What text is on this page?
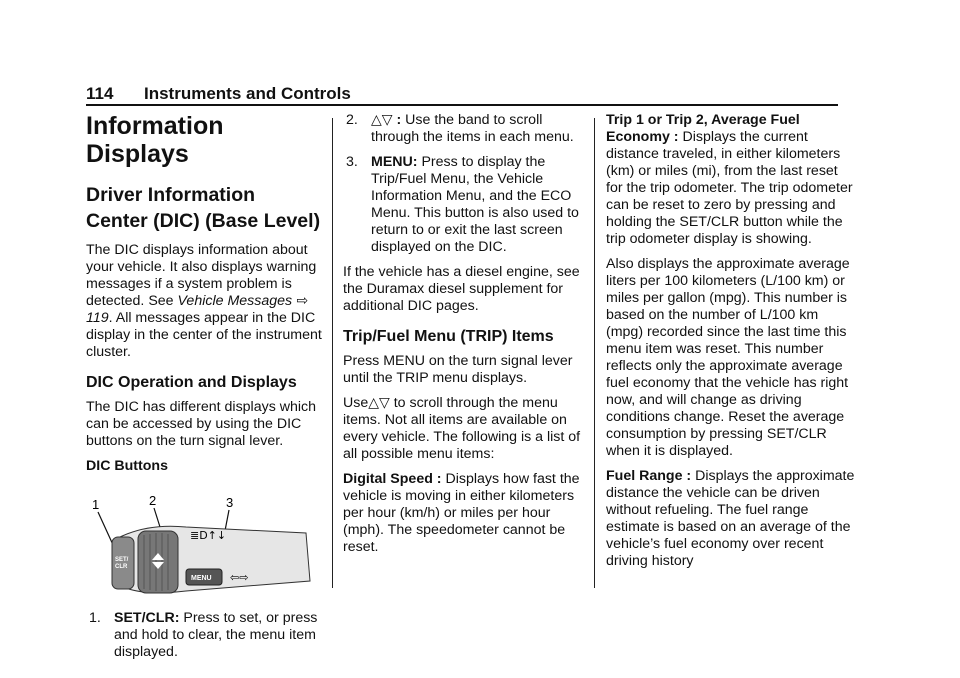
114 Instruments and Controls
Information Displays
Driver Information Center (DIC) (Base Level)

The DIC displays information about your vehicle. It also displays warning messages if a system problem is detected. See Vehicle Messages ⇨ 119. All messages appear in the DIC display in the center of the instrument cluster.

DIC Operation and Displays

The DIC has different displays which can be accessed by using the DIC buttons on the turn signal lever.

DIC Buttons

1	2	3
SET/
CLR
MENU
≣D↑↓
⇦⇨
1. SET/CLR: Press to set, or press and hold to clear, the menu item displayed.
2. △▽ : Use the band to scroll through the items in each menu.
3. MENU: Press to display the Trip/Fuel Menu, the Vehicle Information Menu, and the ECO Menu. This button is also used to return to or exit the last screen displayed on the DIC.

If the vehicle has a diesel engine, see the Duramax diesel supplement for additional DIC pages.

Trip/Fuel Menu (TRIP) Items

Press MENU on the turn signal lever until the TRIP menu displays.

Use△▽ to scroll through the menu items. Not all items are available on every vehicle. The following is a list of all possible menu items:

Digital Speed : Displays how fast the vehicle is moving in either kilometers per hour (km/h) or miles per hour (mph). The speedometer cannot be reset.

Trip 1 or Trip 2, Average Fuel Economy : Displays the current distance traveled, in either kilometers (km) or miles (mi), from the last reset for the trip odometer. The trip odometer can be reset to zero by pressing and holding the SET/CLR button while the trip odometer display is showing.

Also displays the approximate average liters per 100 kilometers (L/100 km) or miles per gallon (mpg). This number is based on the number of L/100 km (mpg) recorded since the last time this menu item was reset. This number reflects only the approximate average fuel economy that the vehicle has right now, and will change as driving conditions change. Reset the average consumption by pressing SET/CLR when it is displayed.

Fuel Range : Displays the approximate distance the vehicle can be driven without refueling. The fuel range estimate is based on an average of the vehicle’s fuel economy over recent driving history
